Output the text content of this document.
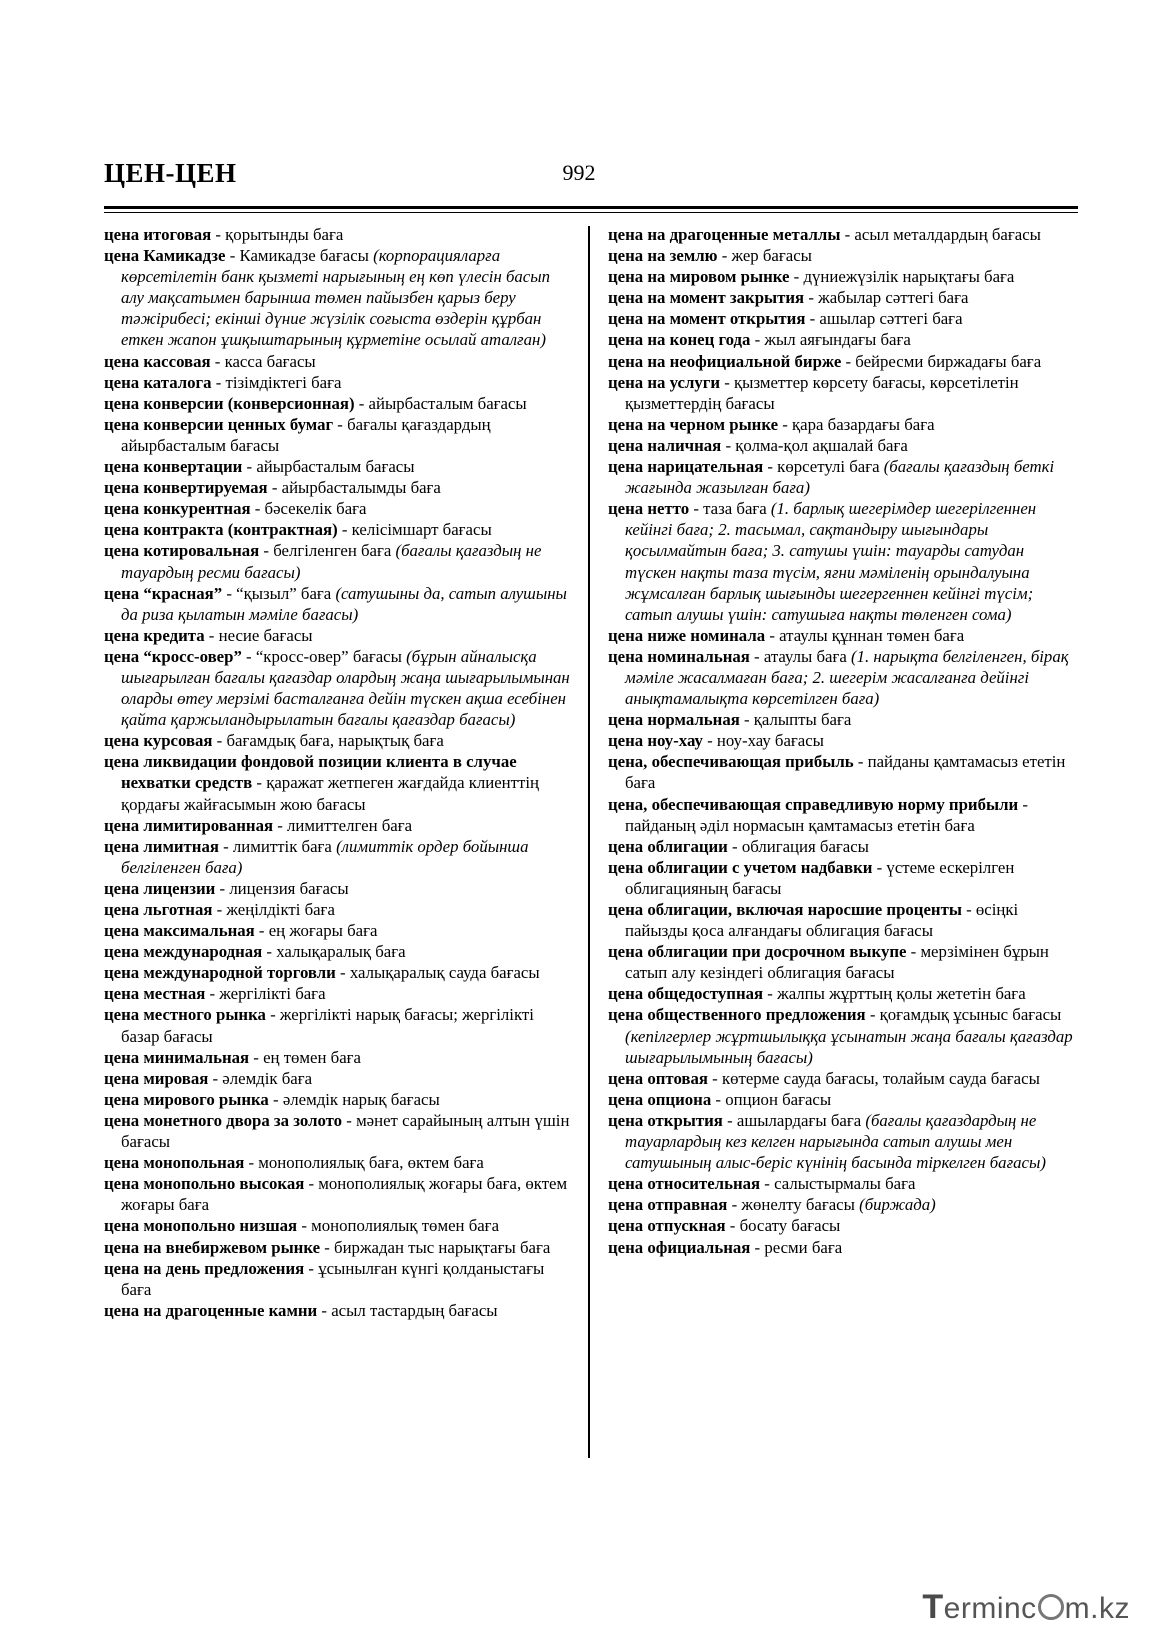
ЦЕН-ЦЕН	992

цена итоговая - қорытынды баға

цена Камикадзе - Камикадзе бағасы (корпорацияларға көрсетілетін банк қызметі нарығының ең көп үлесін басып алу мақсатымен барынша төмен пайызбен қарыз беру тәжірибесі; екінші дүние жүзілік соғыста өздерін құрбан еткен жапон ұшқыштарының құрметіне осылай аталған)

цена кассовая - касса бағасы

цена каталога - тізімдіктегі баға

цена конверсии (конверсионная) - айырбасталым бағасы

цена конверсии ценных бумаг - бағалы қағаздардың айырбасталым бағасы

цена конвертации - айырбасталым бағасы

цена конвертируемая - айырбасталымды баға

цена конкурентная - бәсекелік баға

цена контракта (контрактная) - келісімшарт бағасы

цена котировальная - белгіленген баға (бағалы қағаздың не тауардың ресми бағасы)

цена “красная” - “қызыл” баға (сатушыны да, сатып алушыны да риза қылатын мәміле бағасы)

цена кредита - несие бағасы

цена “кросс-овер” - “кросс-овер” бағасы (бұрын айналысқа шығарылған бағалы қағаздар олардың жаңа шығарылымынан оларды өтеу мерзімі басталғанға дейін түскен ақша есебінен қайта қаржыландырылатын бағалы қағаздар бағасы)

цена курсовая - бағамдық баға, нарықтық баға

цена ликвидации фондовой позиции клиента в случае нехватки средств - қаражат жетпеген жағдайда клиенттің қордағы жайғасымын жою бағасы

цена лимитированная - лимиттелген баға

цена лимитная - лимиттік баға (лимиттік ордер бойынша белгіленген баға)

цена лицензии - лицензия бағасы

цена льготная - жеңілдікті баға

цена максимальная - ең жоғары баға

цена международная - халықаралық баға

цена международной торговли - халықаралық сауда бағасы

цена местная - жергілікті баға

цена местного рынка - жергілікті нарық бағасы; жергілікті базар бағасы

цена минимальная - ең төмен баға

цена мировая - әлемдік баға

цена мирового рынка - әлемдік нарық бағасы

цена монетного двора за золото - мәнет сарайының алтын үшін бағасы

цена монопольная - монополиялық баға, өктем баға

цена монопольно высокая - монополиялық жоғары баға, өктем жоғары баға

цена монопольно низшая - монополиялық төмен баға

цена на внебиржевом рынке - биржадан тыс нарықтағы баға

цена на день предложения - ұсынылған күнгі қолданыстағы баға

цена на драгоценные камни - асыл тастардың бағасы

цена на драгоценные металлы - асыл металдардың бағасы

цена на землю - жер бағасы

цена на мировом рынке - дүниежүзілік нарықтағы баға

цена на момент закрытия - жабылар сәттегі баға

цена на момент открытия - ашылар сәттегі баға

цена на конец года - жыл аяғындағы баға

цена на неофициальной бирже - бейресми биржадағы баға

цена на услуги - қызметтер көрсету бағасы, көрсетілетін қызметтердің бағасы

цена на черном рынке - қара базардағы баға

цена наличная - қолма-қол ақшалай баға

цена нарицательная - көрсетулі баға (бағалы қағаздың беткі жағында жазылған баға)

цена нетто - таза баға (1. барлық шегерімдер шегерілгеннен кейінгі баға; 2. тасымал, сақтандыру шығындары қосылмайтын баға; 3. сатушы үшін: тауарды сатудан түскен нақты таза түсім, яғни мәміленің орындалуына жұмсалған барлық шығынды шегергеннен кейінгі түсім; сатып алушы үшін: сатушыға нақты төленген сома)

цена ниже номинала - атаулы құннан төмен баға

цена номинальная - атаулы баға (1. нарықта белгіленген, бірақ мәміле жасалмаған баға; 2. шегерім жасалғанға дейінгі анықтамалықта көрсетілген баға)

цена нормальная - қалыпты баға

цена ноу-хау - ноу-хау бағасы

цена, обеспечивающая прибыль - пайданы қамтамасыз ететін баға

цена, обеспечивающая справедливую норму прибыли - пайданың әділ нормасын қамтамасыз ететін баға

цена облигации - облигация бағасы

цена облигации с учетом надбавки - үстеме ескерілген облигацияның бағасы

цена облигации, включая наросшие проценты - өсіңкі пайызды қоса алғандағы облигация бағасы

цена облигации при досрочном выкупе - мерзімінен бұрын сатып алу кезіндегі облигация бағасы

цена общедоступная - жалпы жұрттың қолы жететін баға

цена общественного предложения - қоғамдық ұсыныс бағасы (кепілгерлер жұртшылыққа ұсынатын жаңа бағалы қағаздар шығарылымының бағасы)

цена оптовая - көтерме сауда бағасы, толайым сауда бағасы

цена опциона - опцион бағасы

цена открытия - ашылардағы баға (бағалы қағаздардың не тауарлардың кез келген нарығында сатып алушы мен сатушының алыс-беріс күнінің басында тіркелген бағасы)

цена относительная - салыстырмалы баға

цена отправная - жөнелту бағасы (биржада)

цена отпускная - босату бағасы

цена официальная - ресми баға

Terminc m.kz
